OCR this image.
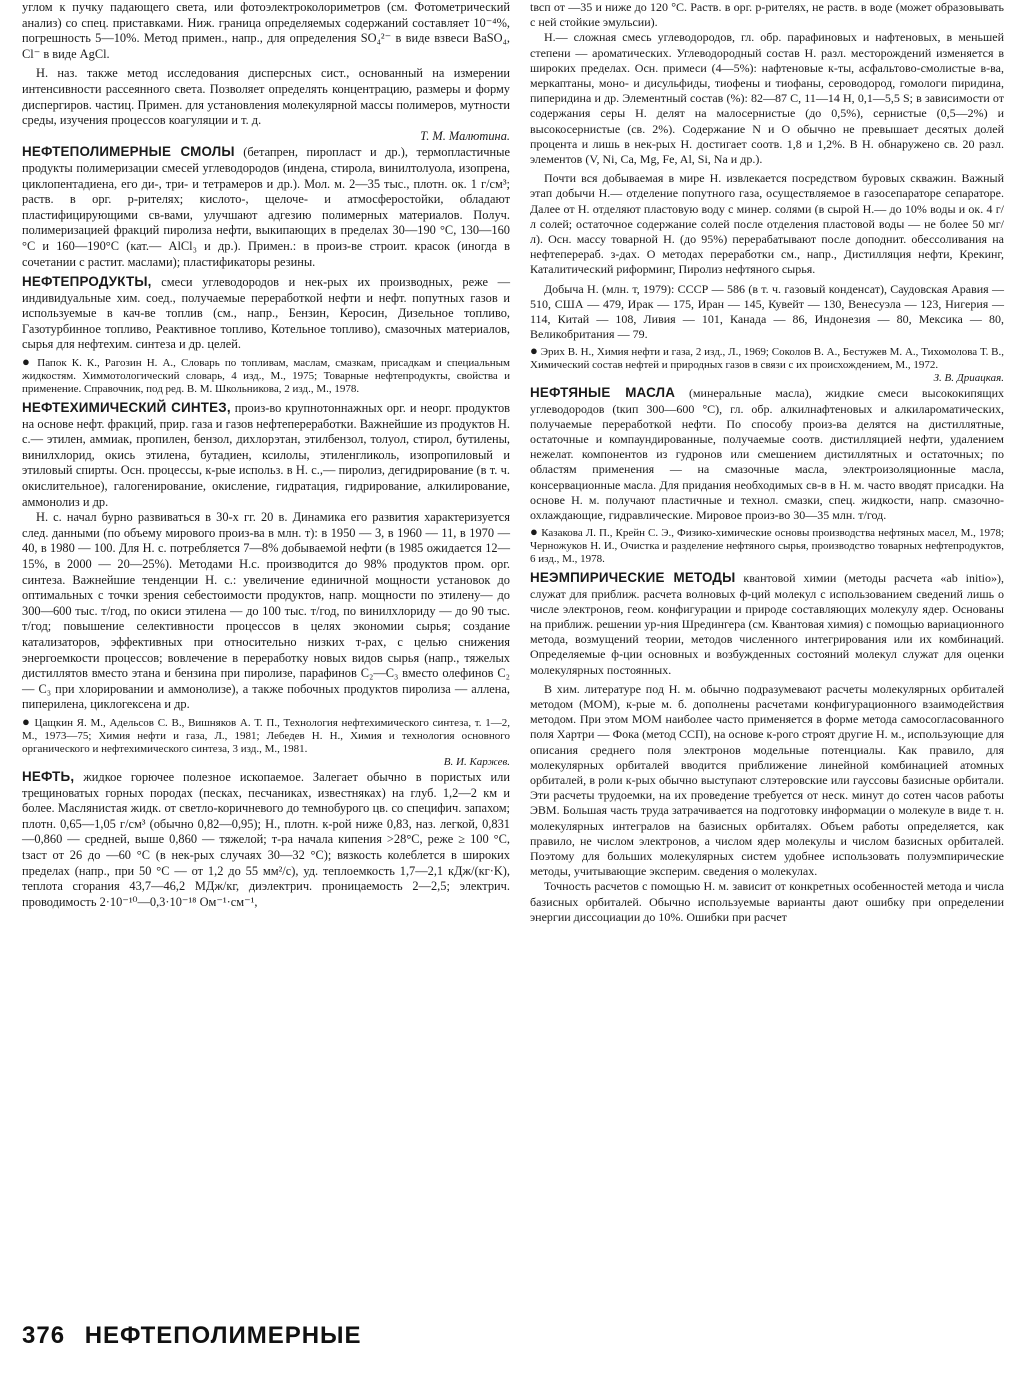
углом к пучку падающего света, или фотоэлектроколориметров (см. Фотометрический анализ) со спец. приставками. Ниж. граница определяемых содержаний составляет 10⁻⁴%, погрешность 5—10%. Метод примен., напр., для определения SO₄²⁻ в виде взвеси BaSO₄, Cl⁻ в виде AgCl.

Н. наз. также метод исследования дисперсных сист., основанный на измерении интенсивности рассеянного света. Позволяет определять концентрацию, размеры и форму диспергиров. частиц. Примен. для установления молекулярной массы полимеров, мутности среды, изучения процессов коагуляции и т. д.
Т. М. Малютина.

НЕФТЕПОЛИМЕРНЫЕ СМОЛЫ (бетапрен, пиропласт и др.), термопластичные продукты полимеризации смесей углеводородов (индена, стирола, винилтолуола, изопрена, циклопентадиена, его ди-, три- и тетрамеров и др.). Мол. м. 2—35 тыс., плотн. ок. 1 г/см³; раств. в орг. р-рителях; кислото-, щелоче- и атмосферостойки, обладают пластифицирующими св-вами, улучшают адгезию полимерных материалов. Получ. полимеризацией фракций пиролиза нефти, выкипающих в пределах 30—190 °C, 130—160 °C и 160—190°C (кат.— AlCl₃ и др.). Примен.: в произ-ве строит. красок (иногда в сочетании с растит. маслами); пластификаторы резины.

НЕФТЕПРОДУКТЫ, смеси углеводородов и нек-рых их производных, реже — индивидуальные хим. соед., получаемые переработкой нефти и нефт. попутных газов и используемые в кач-ве топлив (см., напр., Бензин, Керосин, Дизельное топливо, Газотурбинное топливо, Реактивное топливо, Котельное топливо), смазочных материалов, сырья для нефтехим. синтеза и др. целей.

● Папок К. К., Рагозин Н. А., Словарь по топливам, маслам, смазкам, присадкам и специальным жидкостям. Химмотологический словарь, 4 изд., М., 1975; Товарные нефтепродукты, свойства и применение. Справочник, под ред. В. М. Школьникова, 2 изд., М., 1978.

НЕФТЕХИМИЧЕСКИЙ СИНТЕЗ, произ-во крупнотоннажных орг. и неорг. продуктов на основе нефт. фракций, прир. газа и газов нефтепереработки. Важнейшие из продуктов Н. с.— этилен, аммиак, пропилен, бензол, дихлорэтан, этилбензол, толуол, стирол, бутилены, винилхлорид, окись этилена, бутадиен, ксилолы, этиленгликоль, изопропиловый и этиловый спирты. Осн. процессы, к-рые использ. в Н. с.,— пиролиз, дегидрирование (в т. ч. окислительное), галогенирование, окисление, гидратация, гидрирование, алкилирование, аммонолиз и др.

Н. с. начал бурно развиваться в 30-х гг. 20 в. Динамика его развития характеризуется след. данными (по объему мирового произ-ва в млн. т): в 1950 — 3, в 1960 — 11, в 1970 — 40, в 1980 — 100. Для Н. с. потребляется 7—8% добываемой нефти (в 1985 ожидается 12—15%, в 2000 — 20—25%). Методами Н.с. производится до 98% продуктов пром. орг. синтеза. Важнейшие тенденции Н. с.: увеличение единичной мощности установок до оптимальных с точки зрения себестоимости продуктов, напр. мощности по этилену— до 300—600 тыс. т/год, по окиси этилена — до 100 тыс. т/год, по винилхлориду — до 90 тыс. т/год; повышение селективности процессов в целях экономии сырья; создание катализаторов, эффективных при относительно низких т-рах, с целью снижения энергоемкости процессов; вовлечение в переработку новых видов сырья (напр., тяжелых дистиллятов вместо этана и бензина при пиролизе, парафинов C₂—C₃ вместо олефинов C₂ — C₃ при хлорировании и аммонолизе), а также побочных продуктов пиролиза — аллена, пиперилена, циклогексена и др.

● Цащкин Я. М., Адельсов С. В., Вишняков А. Т. П., Технология нефтехимического синтеза, т. 1—2, М., 1973—75; Химия нефти и газа, Л., 1981; Лебедев Н. Н., Химия и технология основного органического и нефтехимического синтеза, 3 изд., М., 1981.
В. И. Каржев.

НЕФТЬ, жидкое горючее полезное ископаемое. Залегает обычно в пористых или трещиноватых горных породах (песках, песчаниках, известняках) на глуб. 1,2—2 км и более. Маслянистая жидк. от светло-коричневого до темнобурого цв. со специфич. запахом; плотн. 0,65—1,05 г/см³ (обычно 0,82—0,95); Н., плотн. к-рой ниже 0,83, наз. легкой, 0,831—0,860 — средней, выше 0,860 — тяжелой; т-ра начала кипения >28°C, реже ≥ 100 °C, tзаст от 26 до —60 °C (в нек-рых случаях 30—32 °C); вязкость колеблется в широких пределах (напр., при 50 °C — от 1,2 до 55 мм²/с), уд. теплоемкость 1,7—2,1 кДж/(кг·K), теплота сгорания 43,7—46,2 МДж/кг, диэлектрич. проницаемость 2—2,5; электрич. проводимость 2·10⁻¹⁰—0,3·10⁻¹⁸ Ом⁻¹·см⁻¹,

tвсп от —35 и ниже до 120 °C. Раств. в орг. р-рителях, не раств. в воде (может образовывать с ней стойкие эмульсии).

Н.— сложная смесь углеводородов, гл. обр. парафиновых и нафтеновых, в меньшей степени — ароматических. Углеводородный состав Н. разл. месторождений изменяется в широких пределах. Осн. примеси (4—5%): нафтеновые к-ты, асфальтово-смолистые в-ва, меркаптаны, моно- и дисульфиды, тиофены и тиофаны, сероводород, гомологи пиридина, пиперидина и др. Элементный состав (%): 82—87 C, 11—14 H, 0,1—5,5 S; в зависимости от содержания серы Н. делят на малосернистые (до 0,5%), сернистые (0,5—2%) и высокосернистые (св. 2%). Содержание N и O обычно не превышает десятых долей процента и лишь в нек-рых Н. достигает соотв. 1,8 и 1,2%. В Н. обнаружено св. 20 разл. элементов (V, Ni, Ca, Mg, Fe, Al, Si, Na и др.).

Почти вся добываемая в мире Н. извлекается посредством буровых скважин. Важный этап добычи Н.— отделение попутного газа, осуществляемое в газосепараторе сепараторе. Далее от Н. отделяют пластовую воду с минер. солями (в сырой Н.— до 10% воды и ок. 4 г/л солей; остаточное содержание солей после отделения пластовой воды — не более 50 мг/л). Осн. массу товарной Н. (до 95%) перерабатывают после доподнит. обессоливания на нефтеперераб. з-дах. О методах переработки см., напр., Дистилляция нефти, Крекинг, Каталитический риформинг, Пиролиз нефтяного сырья.

Добыча Н. (млн. т, 1979): СССР — 586 (в т. ч. газовый конденсат), Саудовская Аравия — 510, США — 479, Ирак — 175, Иран — 145, Кувейт — 130, Венесуэла — 123, Нигерия — 114, Китай — 108, Ливия — 101, Канада — 86, Индонезия — 80, Мексика — 80, Великобритания — 79.

● Эрих В. Н., Химия нефти и газа, 2 изд., Л., 1969; Соколов В. А., Бестужев М. А., Тихомолова Т. В., Химический состав нефтей и природных газов в связи с их происхождением, М., 1972.
З. В. Дриацкая.

НЕФТЯНЫЕ МАСЛА (минеральные масла), жидкие смеси высококипящих углеводородов (tкип 300—600 °C), гл. обр. алкилнафтеновых и алкилароматических, получаемые переработкой нефти. По способу произ-ва делятся на дистиллятные, остаточные и компаундированные, получаемые соотв. дистилляцией нефти, удалением нежелат. компонентов из гудронов или смешением дистиллятных и остаточных; по областям применения — на смазочные масла, электроизоляционные масла, консервационные масла. Для придания необходимых св-в в Н. м. часто вводят присадки. На основе Н. м. получают пластичные и технол. смазки, спец. жидкости, напр. смазочно-охлаждающие, гидравлические. Мировое произ-во 30—35 млн. т/год.

● Казакова Л. П., Крейн С. Э., Физико-химические основы производства нефтяных масел, М., 1978; Черножуков Н. И., Очистка и разделение нефтяного сырья, производство товарных нефтепродуктов, 6 изд., М., 1978.

НЕЭМПИРИЧЕСКИЕ МЕТОДЫ квантовой химии (методы расчета «ab initio»), служат для приближ. расчета волновых ф-ций молекул с использованием сведений лишь о числе электронов, геом. конфигурации и природе составляющих молекулу ядер. Основаны на приближ. решении ур-ния Шредингера (см. Квантовая химия) с помощью вариационного метода, возмущений теории, методов численного интегрирования или их комбинаций. Определяемые ф-ции основных и возбужденных состояний молекул служат для оценки молекулярных постоянных.

В хим. литературе под Н. м. обычно подразумевают расчеты молекулярных орбиталей методом (МОМ), к-рые м. б. дополнены расчетами конфигурационного взаимодействия методом. При этом МОМ наиболее часто применяется в форме метода самосогласованного поля Хартри — Фока (метод ССП), на основе к-рого строят другие Н. м., использующие для описания среднего поля электронов модельные потенциалы. Как правило, для молекулярных орбиталей вводится приближение линейной комбинацией атомных орбиталей, в роли к-рых обычно выступают слэтеровские или гауссовы базисные орбитали. Эти расчеты трудоемки, на их проведение требуется от неск. минут до сотен часов работы ЭВМ. Большая часть труда затрачивается на подготовку информации о молекуле в виде т. н. молекулярных интегралов на базисных орбиталях. Объем работы определяется, как правило, не числом электронов, а числом ядер молекулы и числом базисных орбиталей. Поэтому для больших молекулярных систем удобнее использовать полуэмпирические методы, учитывающие эксперим. сведения о молекулах.

Точность расчетов с помощью Н. м. зависит от конкретных особенностей метода и числа базисных орбиталей. Обычно используемые варианты дают ошибку при определении энергии диссоциации до 10%. Ошибки при расчет

376 НЕФТЕПОЛИМЕРНЫЕ
